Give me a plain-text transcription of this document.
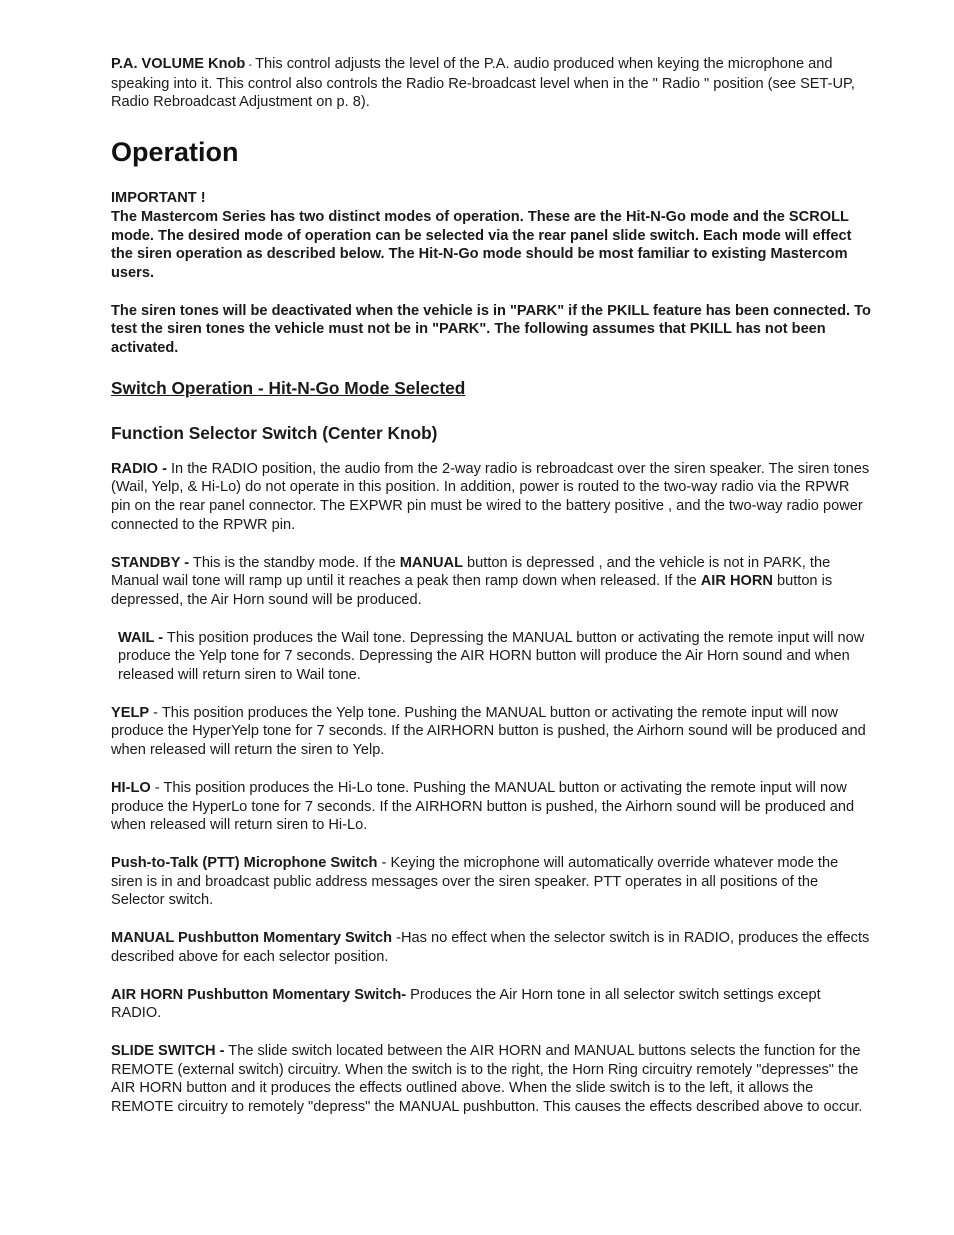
P.A. VOLUME Knob - This control adjusts the level of the P.A. audio produced when keying the microphone and speaking into it. This control also controls the Radio Re-broadcast level when in the " Radio " position (see SET-UP, Radio Rebroadcast Adjustment on p. 8).

Operation
IMPORTANT !
The Mastercom Series has two distinct modes of operation. These are the Hit-N-Go mode and the SCROLL mode. The desired mode of operation can be selected via the rear panel slide switch. Each mode will effect the siren operation as described below. The Hit-N-Go mode should be most familiar to existing Mastercom users.

The siren tones will be deactivated when the vehicle is in "PARK" if the PKILL feature has been connected. To test the siren tones the vehicle must not be in "PARK". The following assumes that PKILL has not been activated.

Switch Operation - Hit-N-Go Mode Selected
Function Selector Switch (Center Knob)

RADIO - In the RADIO position, the audio from the 2-way radio is rebroadcast over the siren speaker. The siren tones (Wail, Yelp, & Hi-Lo) do not operate in this position. In addition, power is routed to the two-way radio via the RPWR pin on the rear panel connector. The EXPWR pin must be wired to the battery positive , and the two-way radio power connected to the RPWR pin.

STANDBY - This is the standby mode. If the MANUAL button is depressed , and the vehicle is not in PARK, the Manual wail tone will ramp up until it reaches a peak then ramp down when released. If the AIR HORN button is depressed, the Air Horn sound will be produced.

WAIL - This position produces the Wail tone. Depressing the MANUAL button or activating the remote input will now produce the Yelp tone for 7 seconds. Depressing the AIR HORN button will produce the Air Horn sound and when released will return siren to Wail tone.

YELP - This position produces the Yelp tone. Pushing the MANUAL button or activating the remote input will now produce the HyperYelp tone for 7 seconds. If the AIRHORN button is pushed, the Airhorn sound will be produced and when released will return the siren to Yelp.

HI-LO - This position produces the Hi-Lo tone. Pushing the MANUAL button or activating the remote input will now produce the HyperLo tone for 7 seconds. If the AIRHORN button is pushed, the Airhorn sound will be produced and when released will return siren to Hi-Lo.

Push-to-Talk (PTT) Microphone Switch - Keying the microphone will automatically override whatever mode the siren is in and broadcast public address messages over the siren speaker. PTT operates in all positions of the Selector switch.

MANUAL Pushbutton Momentary Switch -Has no effect when the selector switch is in RADIO, produces the effects described above for each selector position.

AIR HORN Pushbutton Momentary Switch- Produces the Air Horn tone in all selector switch settings except RADIO.

SLIDE SWITCH - The slide switch located between the AIR HORN and MANUAL buttons selects the function for the REMOTE (external switch) circuitry. When the switch is to the right, the Horn Ring circuitry remotely "depresses" the AIR HORN button and it produces the effects outlined above. When the slide switch is to the left, it allows the REMOTE circuitry to remotely "depress" the MANUAL pushbutton. This causes the effects described above to occur.
